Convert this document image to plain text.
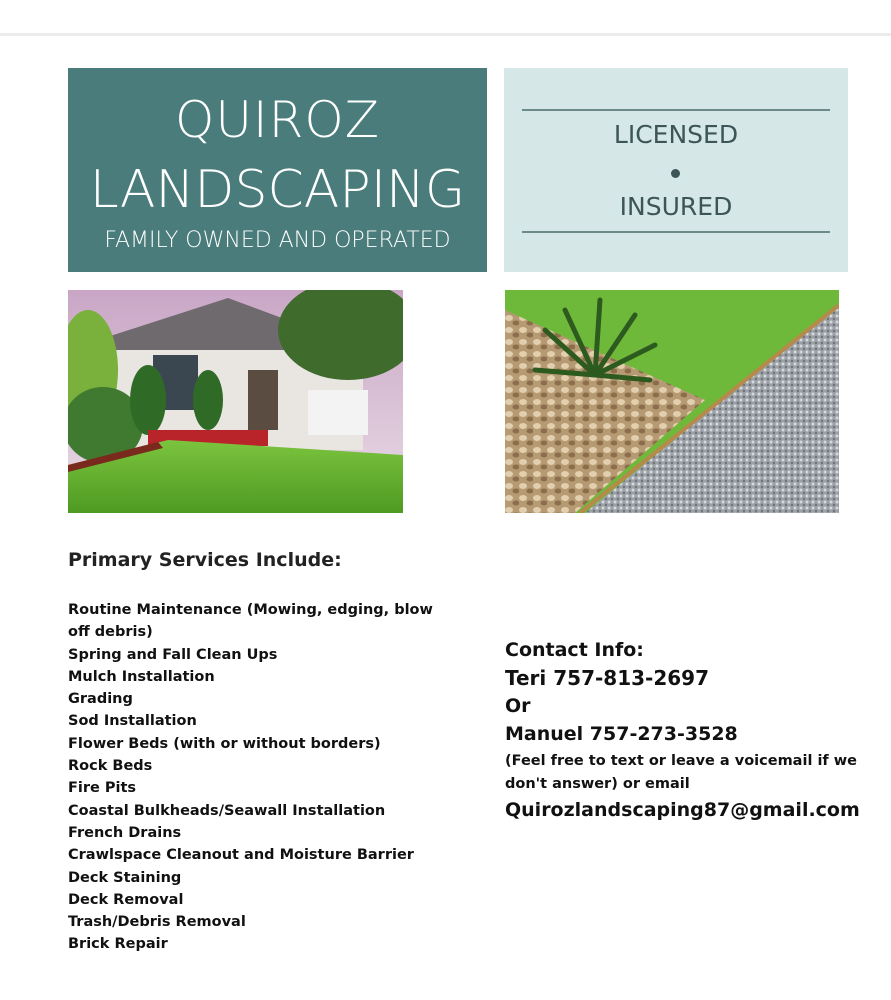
QUIROZ
LANDSCAPING
FAMILY OWNED AND OPERATED
LICENSED
INSURED
Primary Services Include:
Routine Maintenance (Mowing, edging, blow off debris)
Spring and Fall Clean Ups
Mulch Installation
Grading
Sod Installation
Flower Beds (with or without borders)
Rock Beds
Fire Pits
Coastal Bulkheads/Seawall Installation
French Drains
Crawlspace Cleanout and Moisture Barrier
Deck Staining
Deck Removal
Trash/Debris Removal
Brick Repair
Contact Info:
Teri 757-813-2697
Or
Manuel 757-273-3528
(Feel free to text or leave a voicemail if we don't answer) or email
Quirozlandscaping87@gmail.com
